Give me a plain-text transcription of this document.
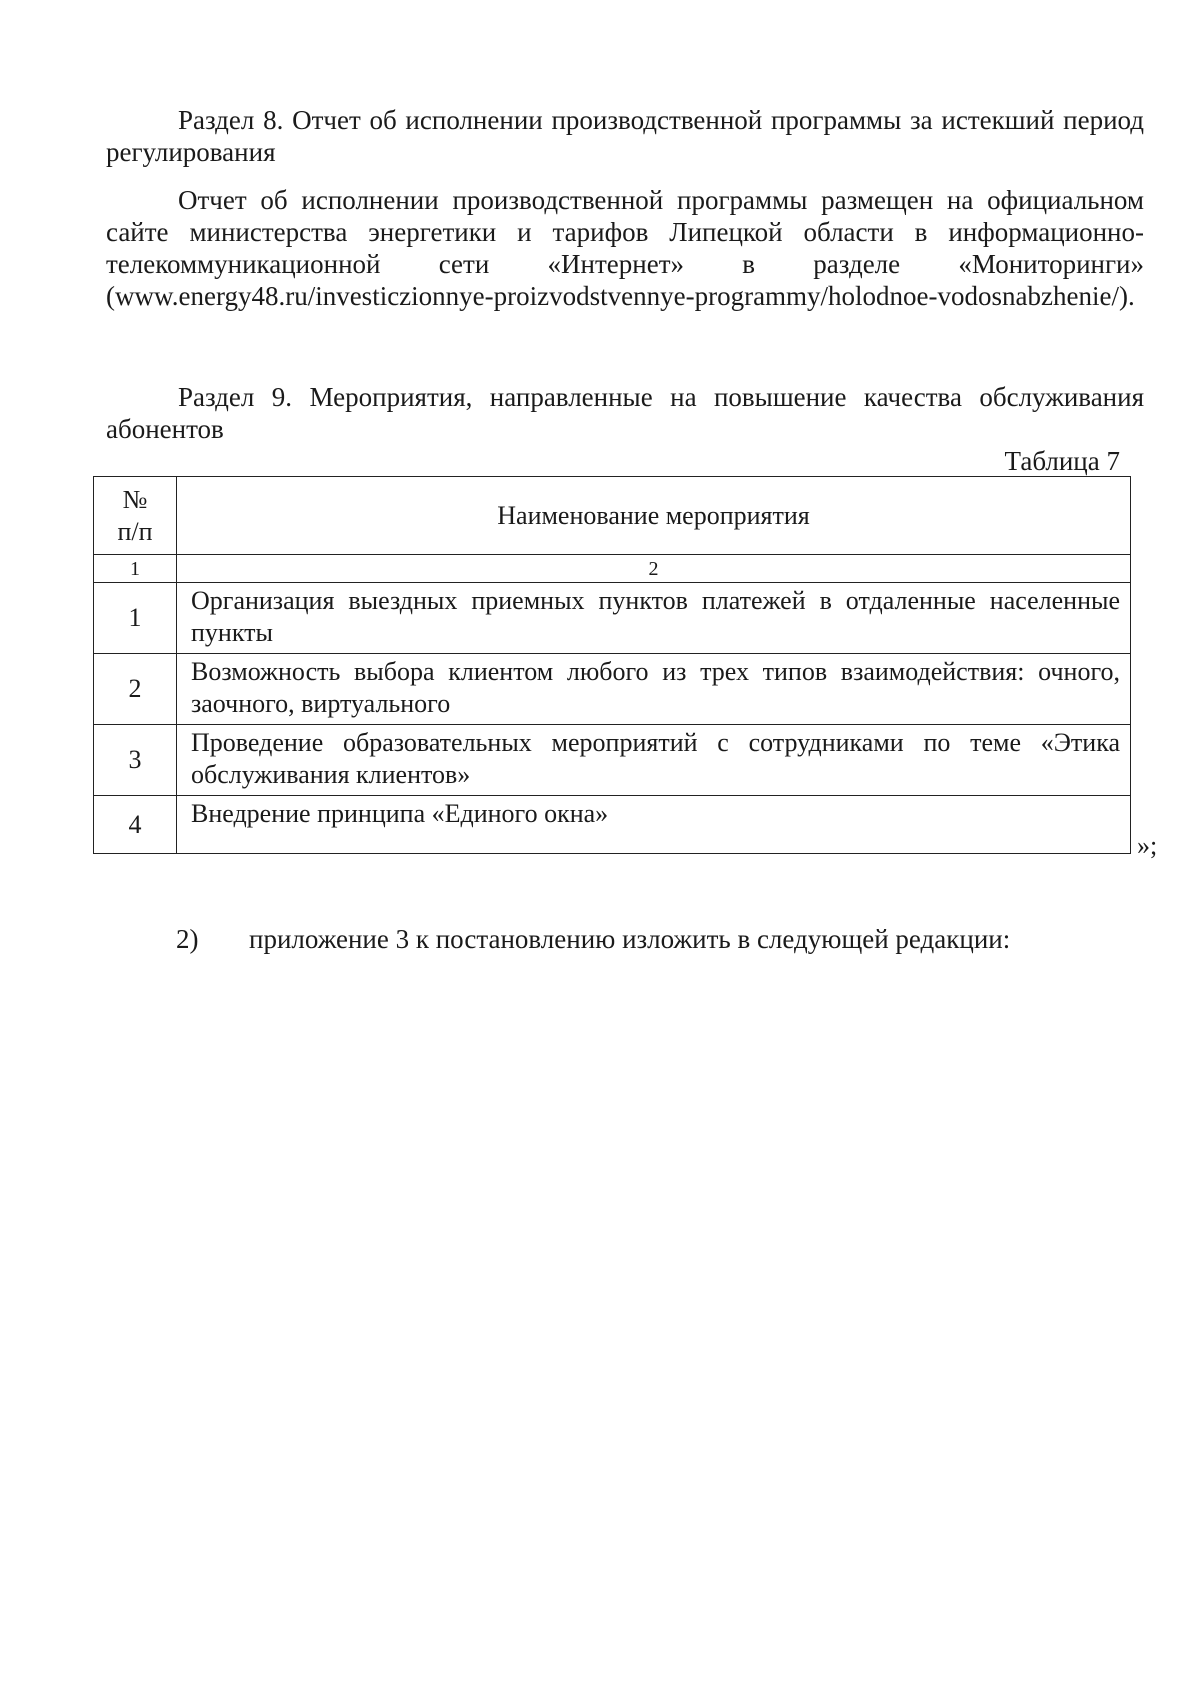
Раздел 8. Отчет об исполнении производственной программы за истекший период регулирования

Отчет об исполнении производственной программы размещен на официальном сайте министерства энергетики и тарифов Липецкой области в информационно-телекоммуникационной сети «Интернет» в разделе «Мониторинги» (www.energy48.ru/investiczionnye-proizvodstvennye-programmy/holodnoe-vodosnabzhenie/).

Раздел 9. Мероприятия, направленные на повышение качества обслуживания абонентов

Таблица 7

№
п/п	Наименование мероприятия
1	2
1	Организация выездных приемных пунктов платежей в отдаленные населенные пункты
2	Возможность выбора клиентом любого из трех типов взаимодействия: очного, заочного, виртуального
3	Проведение образовательных мероприятий с сотрудниками по теме «Этика обслуживания клиентов»
4	Внедрение принципа «Единого окна»

»;

2) приложение 3 к постановлению изложить в следующей редакции:
